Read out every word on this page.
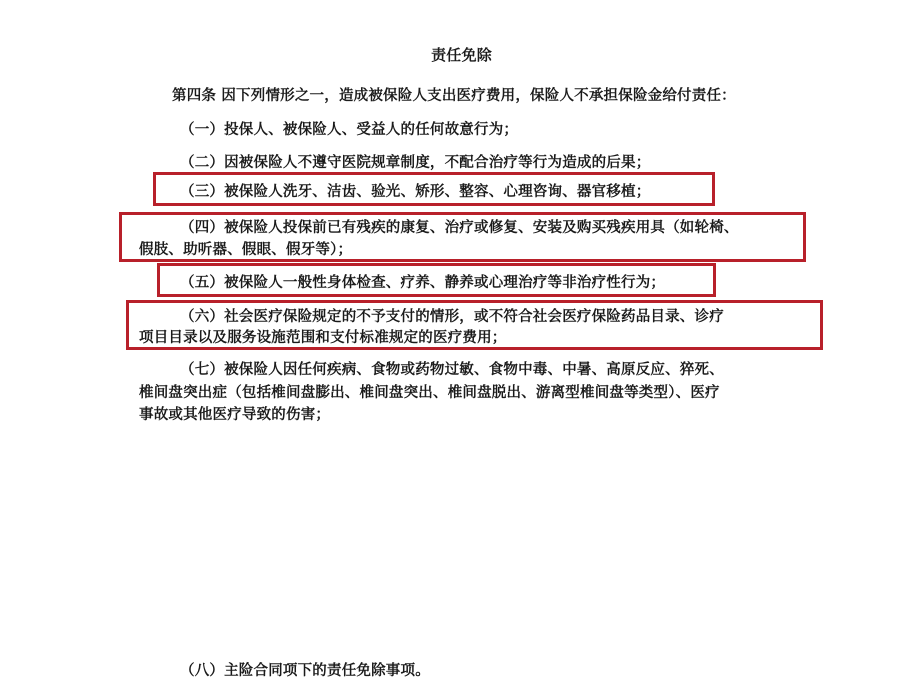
责任免除
第四条 因下列情形之一，造成被保险人支出医疗费用，保险人不承担保险金给付责任：
（一）投保人、被保险人、受益人的任何故意行为；
（二）因被保险人不遵守医院规章制度，不配合治疗等行为造成的后果；
（三）被保险人洗牙、洁齿、验光、矫形、整容、心理咨询、器官移植；
（四）被保险人投保前已有残疾的康复、治疗或修复、安装及购买残疾用具（如轮椅、
假肢、助听器、假眼、假牙等）；
（五）被保险人一般性身体检查、疗养、静养或心理治疗等非治疗性行为；
（六）社会医疗保险规定的不予支付的情形，或不符合社会医疗保险药品目录、诊疗
项目目录以及服务设施范围和支付标准规定的医疗费用；
（七）被保险人因任何疾病、食物或药物过敏、食物中毒、中暑、高原反应、猝死、
椎间盘突出症（包括椎间盘膨出、椎间盘突出、椎间盘脱出、游离型椎间盘等类型）、医疗
事故或其他医疗导致的伤害；
（八）主险合同项下的责任免除事项。
